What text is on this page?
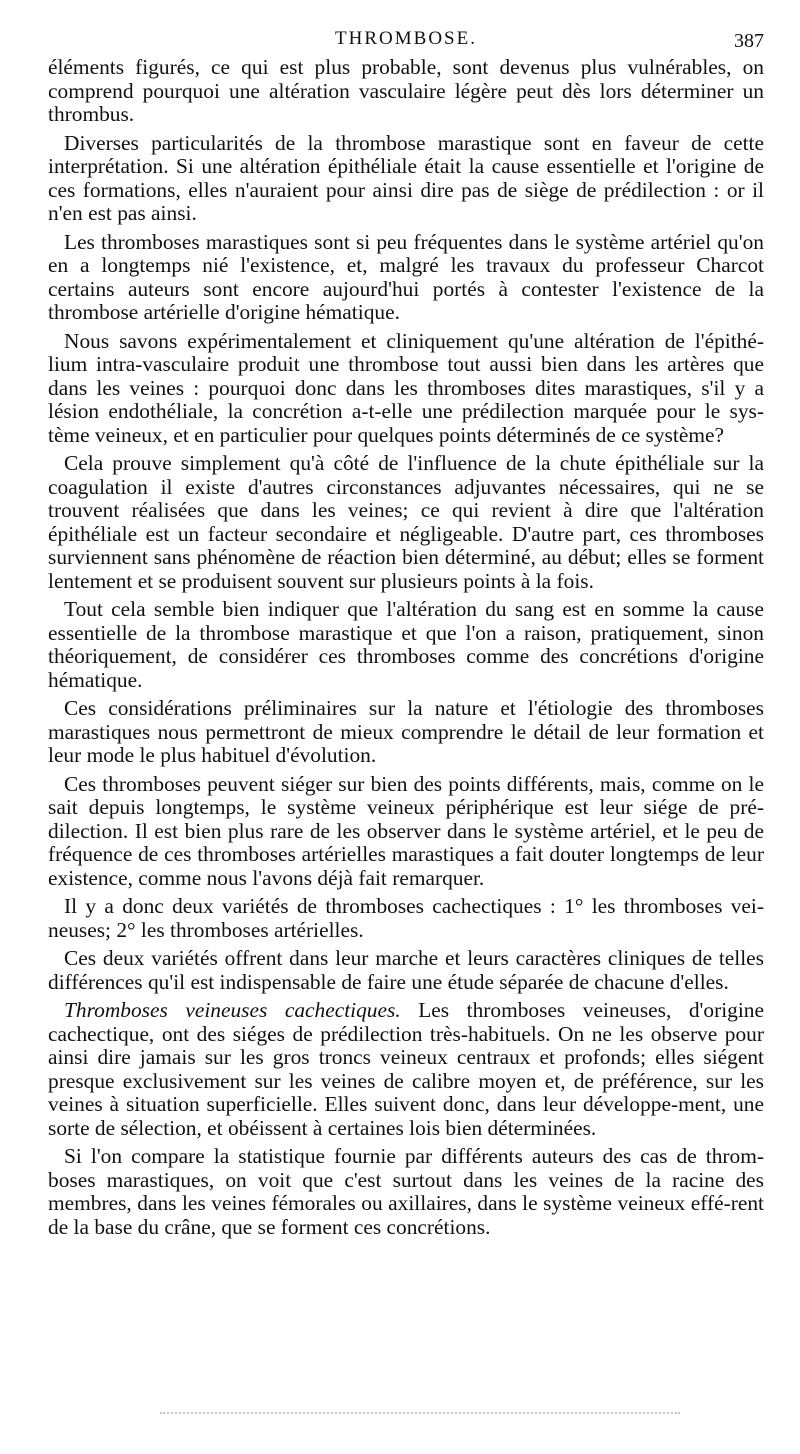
THROMBOSE.	387

éléments figurés, ce qui est plus probable, sont devenus plus vulnérables, on comprend pourquoi une altération vasculaire légère peut dès lors déterminer un thrombus.

Diverses particularités de la thrombose marastique sont en faveur de cette interprétation. Si une altération épithéliale était la cause essentielle et l'origine de ces formations, elles n'auraient pour ainsi dire pas de siège de prédilection : or il n'en est pas ainsi.

Les thromboses marastiques sont si peu fréquentes dans le système artériel qu'on en a longtemps nié l'existence, et, malgré les travaux du professeur Charcot certains auteurs sont encore aujourd'hui portés à contester l'existence de la thrombose artérielle d'origine hématique.

Nous savons expérimentalement et cliniquement qu'une altération de l'épithé-lium intra-vasculaire produit une thrombose tout aussi bien dans les artères que dans les veines : pourquoi donc dans les thromboses dites marastiques, s'il y a lésion endothéliale, la concrétion a-t-elle une prédilection marquée pour le sys-tème veineux, et en particulier pour quelques points déterminés de ce système?

Cela prouve simplement qu'à côté de l'influence de la chute épithéliale sur la coagulation il existe d'autres circonstances adjuvantes nécessaires, qui ne se trouvent réalisées que dans les veines; ce qui revient à dire que l'altération épithéliale est un facteur secondaire et négligeable. D'autre part, ces thromboses surviennent sans phénomène de réaction bien déterminé, au début; elles se forment lentement et se produisent souvent sur plusieurs points à la fois.

Tout cela semble bien indiquer que l'altération du sang est en somme la cause essentielle de la thrombose marastique et que l'on a raison, pratiquement, sinon théoriquement, de considérer ces thromboses comme des concrétions d'origine hématique.

Ces considérations préliminaires sur la nature et l'étiologie des thromboses marastiques nous permettront de mieux comprendre le détail de leur formation et leur mode le plus habituel d'évolution.

Ces thromboses peuvent siéger sur bien des points différents, mais, comme on le sait depuis longtemps, le système veineux périphérique est leur siége de pré-dilection. Il est bien plus rare de les observer dans le système artériel, et le peu de fréquence de ces thromboses artérielles marastiques a fait douter longtemps de leur existence, comme nous l'avons déjà fait remarquer.

Il y a donc deux variétés de thromboses cachectiques : 1° les thromboses vei-neuses; 2° les thromboses artérielles.

Ces deux variétés offrent dans leur marche et leurs caractères cliniques de telles différences qu'il est indispensable de faire une étude séparée de chacune d'elles.

Thromboses veineuses cachectiques. Les thromboses veineuses, d'origine cachectique, ont des siéges de prédilection très-habituels. On ne les observe pour ainsi dire jamais sur les gros troncs veineux centraux et profonds; elles siégent presque exclusivement sur les veines de calibre moyen et, de préférence, sur les veines à situation superficielle. Elles suivent donc, dans leur développe-ment, une sorte de sélection, et obéissent à certaines lois bien déterminées.

Si l'on compare la statistique fournie par différents auteurs des cas de throm-boses marastiques, on voit que c'est surtout dans les veines de la racine des membres, dans les veines fémorales ou axillaires, dans le système veineux effé-rent de la base du crâne, que se forment ces concrétions.
